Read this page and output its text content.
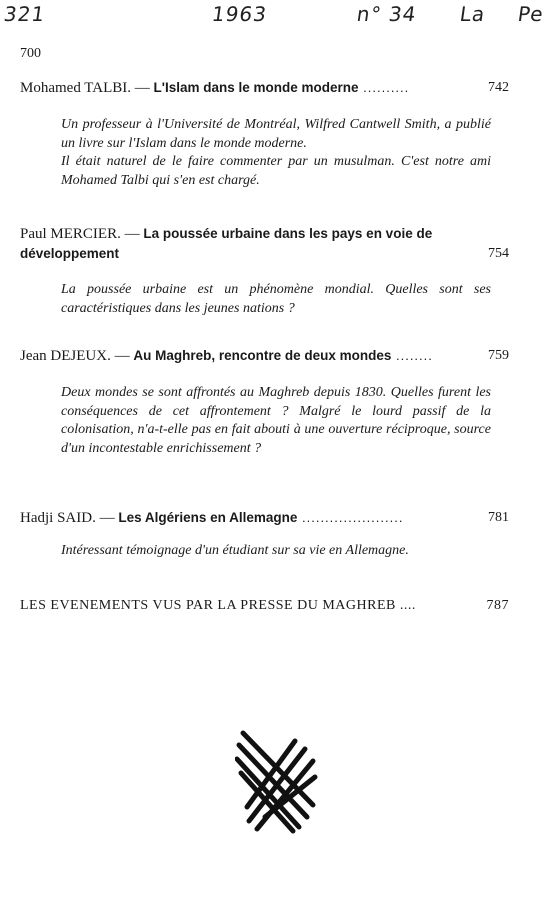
321	1963	n° 34 La Pe
700
Mohamed TALBI. — L'Islam dans le monde moderne ..........	742

Un professeur à l'Université de Montréal, Wilfred Cantwell Smith, a publié un livre sur l'Islam dans le monde moderne.

Il était naturel de le faire commenter par un musulman. C'est notre ami Mohamed Talbi qui s'en est chargé.

Paul MERCIER. — La poussée urbaine dans les pays en voie de développement	754

La poussée urbaine est un phénomène mondial. Quelles sont ses caractéristiques dans les jeunes nations ?

Jean DEJEUX. — Au Maghreb, rencontre de deux mondes ........	759

Deux mondes se sont affrontés au Maghreb depuis 1830. Quelles furent les conséquences de cet affrontement ? Malgré le lourd passif de la colonisation, n'a-t-elle pas en fait abouti à une ouverture réciproque, source d'un incontestable enrichissement ?

Hadji SAID. — Les Algériens en Allemagne ......................	781

Intéressant témoignage d'un étudiant sur sa vie en Allemagne.

LES EVENEMENTS VUS PAR LA PRESSE DU MAGHREB ....	787
